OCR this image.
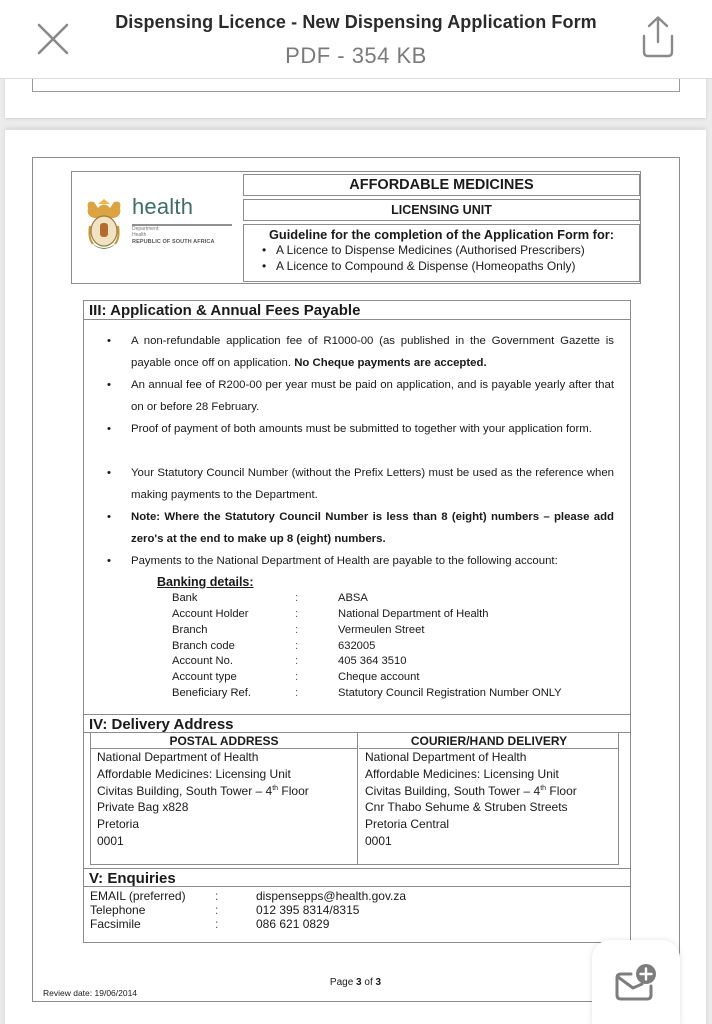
Dispensing Licence - New Dispensing Application Form
PDF - 354 KB
health
Department:
Health
REPUBLIC OF SOUTH AFRICA
AFFORDABLE MEDICINES
LICENSING UNIT
Guideline for the completion of the Application Form for:
• A Licence to Dispense Medicines (Authorised Prescribers)
• A Licence to Compound & Dispense (Homeopaths Only)
III: Application & Annual Fees Payable
• A non-refundable application fee of R1000-00 (as published in the Government Gazette is payable once off on application. No Cheque payments are accepted.
• An annual fee of R200-00 per year must be paid on application, and is payable yearly after that on or before 28 February.
• Proof of payment of both amounts must be submitted to together with your application form.
• Your Statutory Council Number (without the Prefix Letters) must be used as the reference when making payments to the Department.
• Note: Where the Statutory Council Number is less than 8 (eight) numbers – please add zero's at the end to make up 8 (eight) numbers.
• Payments to the National Department of Health are payable to the following account:
Banking details:
Bank	:	ABSA
Account Holder	:	National Department of Health
Branch	:	Vermeulen Street
Branch code	:	632005
Account No.	:	405 364 3510
Account type	:	Cheque account
Beneficiary Ref.	:	Statutory Council Registration Number ONLY
IV: Delivery Address
POSTAL ADDRESS
National Department of Health
Affordable Medicines: Licensing Unit
Civitas Building, South Tower – 4th Floor
Private Bag x828
Pretoria
0001
COURIER/HAND DELIVERY
National Department of Health
Affordable Medicines: Licensing Unit
Civitas Building, South Tower – 4th Floor
Cnr Thabo Sehume & Struben Streets
Pretoria Central
0001
V: Enquiries
EMAIL (preferred) :	dispensepps@health.gov.za
Telephone	:	012 395 8314/8315
Facsimile	:	086 621 0829
Page 3 of 3
Review date: 19/06/2014
